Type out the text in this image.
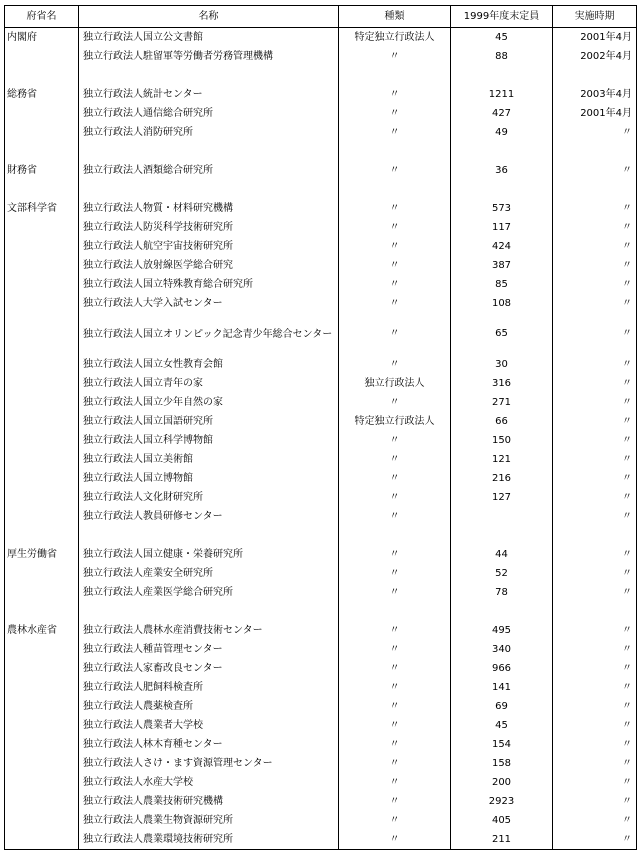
府省名	名称	種類	1999年度末定員	実施時期
内閣府	独立行政法人国立公文書館	特定独立行政法人	45	2001年4月
	独立行政法人駐留軍等労働者労務管理機構	〃	88	2002年4月

総務省	独立行政法人統計センター	〃	1211	2003年4月
	独立行政法人通信総合研究所	〃	427	2001年4月
	独立行政法人消防研究所	〃	49	〃

財務省	独立行政法人酒類総合研究所	〃	36	〃

文部科学省	独立行政法人物質・材料研究機構	〃	573	〃
	独立行政法人防災科学技術研究所	〃	117	〃
	独立行政法人航空宇宙技術研究所	〃	424	〃
	独立行政法人放射線医学総合研究	〃	387	〃
	独立行政法人国立特殊教育総合研究所	〃	85	〃
	独立行政法人大学入試センター	〃	108	〃
	独立行政法人国立オリンピック記念青少年総合センター	〃	65	〃
	独立行政法人国立女性教育会館	〃	30	〃
	独立行政法人国立青年の家	独立行政法人	316	〃
	独立行政法人国立少年自然の家	〃	271	〃
	独立行政法人国立国語研究所	特定独立行政法人	66	〃
	独立行政法人国立科学博物館	〃	150	〃
	独立行政法人国立美術館	〃	121	〃
	独立行政法人国立博物館	〃	216	〃
	独立行政法人文化財研究所	〃	127	〃
	独立行政法人教員研修センター	〃		〃

厚生労働省	独立行政法人国立健康・栄養研究所	〃	44	〃
	独立行政法人産業安全研究所	〃	52	〃
	独立行政法人産業医学総合研究所	〃	78	〃

農林水産省	独立行政法人農林水産消費技術センター	〃	495	〃
	独立行政法人種苗管理センター	〃	340	〃
	独立行政法人家畜改良センター	〃	966	〃
	独立行政法人肥飼料検査所	〃	141	〃
	独立行政法人農薬検査所	〃	69	〃
	独立行政法人農業者大学校	〃	45	〃
	独立行政法人林木育種センター	〃	154	〃
	独立行政法人さけ・ます資源管理センター	〃	158	〃
	独立行政法人水産大学校	〃	200	〃
	独立行政法人農業技術研究機構	〃	2923	〃
	独立行政法人農業生物資源研究所	〃	405	〃
	独立行政法人農業環境技術研究所	〃	211	〃
